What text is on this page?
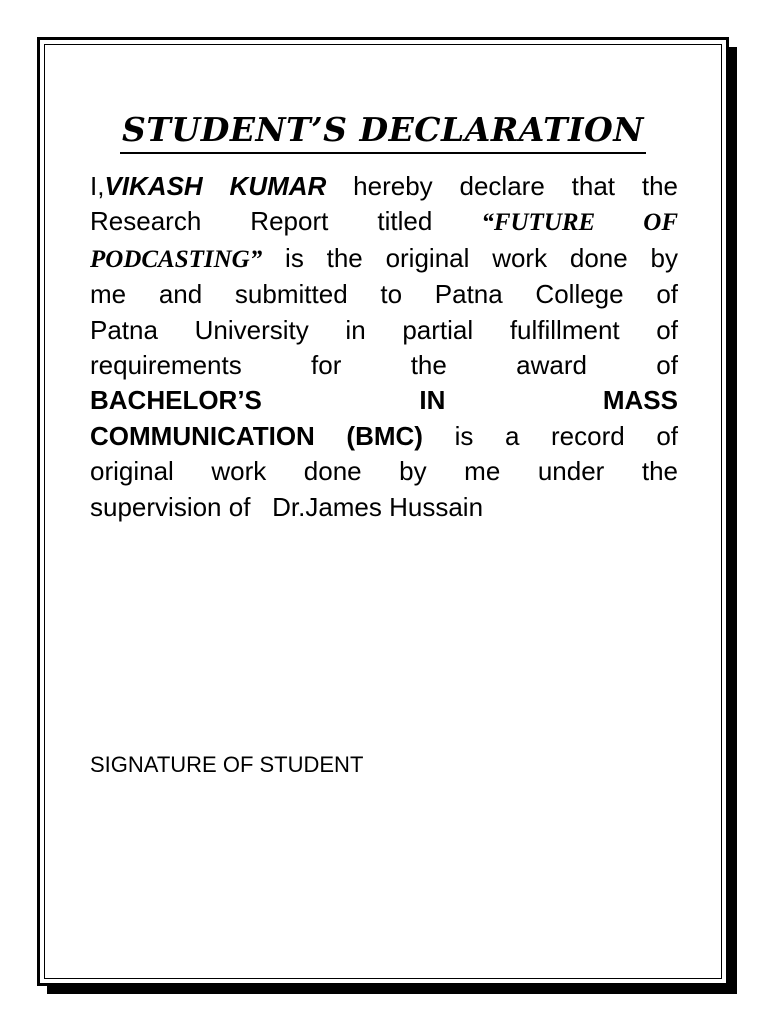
STUDENT’S DECLARATION
I,VIKASH KUMAR hereby declare that the
Research Report titled “FUTURE OF
PODCASTING” is the original work done by
me and submitted to Patna College of
Patna University in partial fulfillment of
requirements for the award of
BACHELOR’S IN MASS
COMMUNICATION (BMC) is a record of
original work done by me under the
supervision of   Dr.James Hussain
SIGNATURE OF STUDENT
